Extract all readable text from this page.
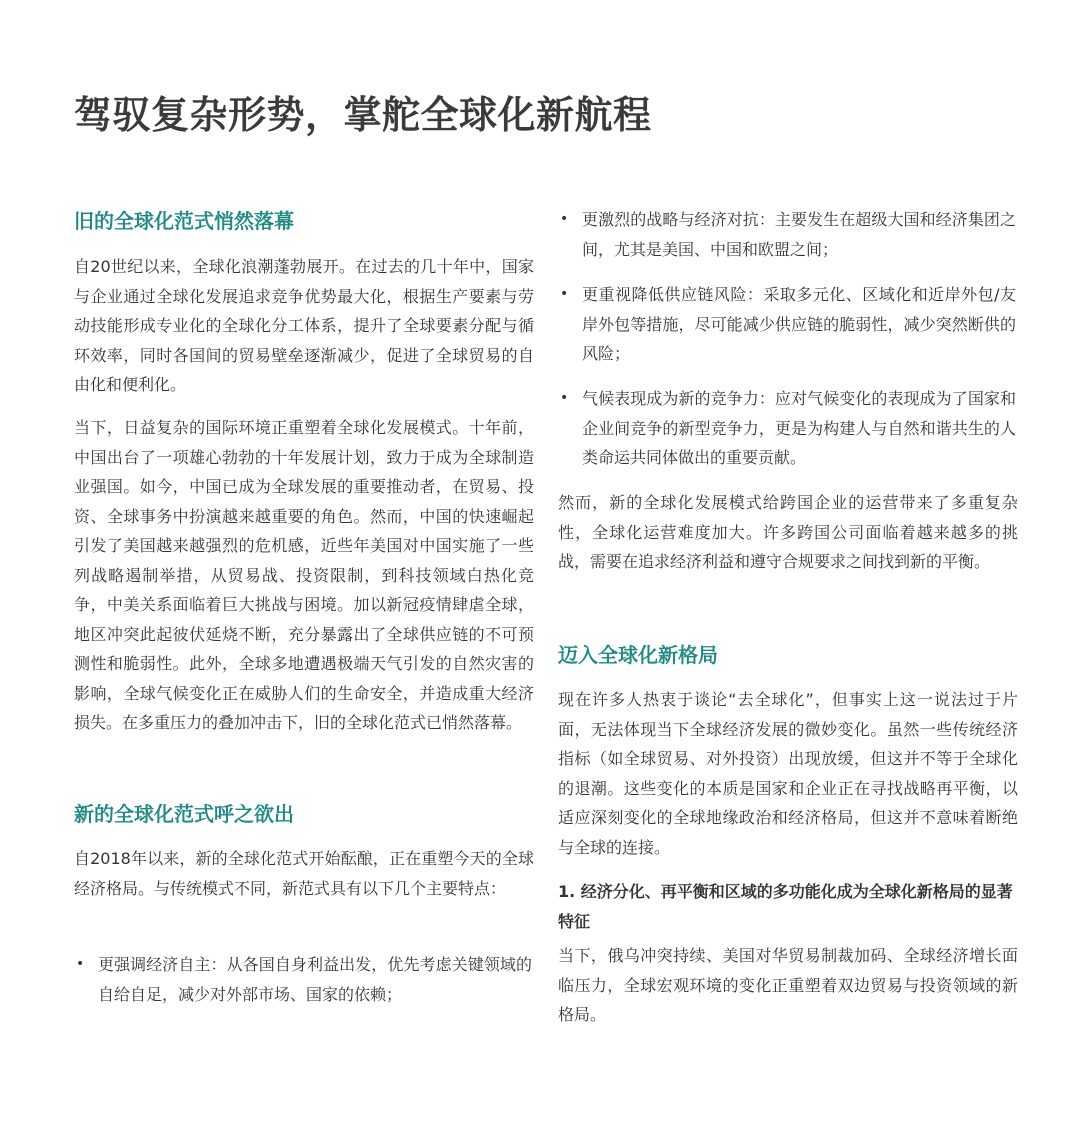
驾驭复杂形势，掌舵全球化新航程
旧的全球化范式悄然落幕

自20世纪以来，全球化浪潮蓬勃展开。在过去的几十年中，国家与企业通过全球化发展追求竞争优势最大化，根据生产要素与劳动技能形成专业化的全球化分工体系，提升了全球要素分配与循环效率，同时各国间的贸易壁垒逐渐减少，促进了全球贸易的自由化和便利化。

当下，日益复杂的国际环境正重塑着全球化发展模式。十年前，中国出台了一项雄心勃勃的十年发展计划，致力于成为全球制造业强国。如今，中国已成为全球发展的重要推动者，在贸易、投资、全球事务中扮演越来越重要的角色。然而，中国的快速崛起引发了美国越来越强烈的危机感，近些年美国对中国实施了一些列战略遏制举措，从贸易战、投资限制，到科技领域白热化竞争，中美关系面临着巨大挑战与困境。加以新冠疫情肆虐全球，地区冲突此起彼伏延烧不断，充分暴露出了全球供应链的不可预测性和脆弱性。此外，全球多地遭遇极端天气引发的自然灾害的影响，全球气候变化正在威胁人们的生命安全，并造成重大经济损失。在多重压力的叠加冲击下，旧的全球化范式已悄然落幕。

新的全球化范式呼之欲出

自2018年以来，新的全球化范式开始酝酿，正在重塑今天的全球经济格局。与传统模式不同，新范式具有以下几个主要特点：

• 更强调经济自主：从各国自身利益出发，优先考虑关键领域的自给自足，减少对外部市场、国家的依赖；

• 更激烈的战略与经济对抗：主要发生在超级大国和经济集团之间，尤其是美国、中国和欧盟之间；

• 更重视降低供应链风险：采取多元化、区域化和近岸外包/友岸外包等措施，尽可能减少供应链的脆弱性，减少突然断供的风险；

• 气候表现成为新的竞争力：应对气候变化的表现成为了国家和企业间竞争的新型竞争力，更是为构建人与自然和谐共生的人类命运共同体做出的重要贡献。

然而，新的全球化发展模式给跨国企业的运营带来了多重复杂性，全球化运营难度加大。许多跨国公司面临着越来越多的挑战，需要在追求经济利益和遵守合规要求之间找到新的平衡。

迈入全球化新格局

现在许多人热衷于谈论“去全球化”，但事实上这一说法过于片面，无法体现当下全球经济发展的微妙变化。虽然一些传统经济指标（如全球贸易、对外投资）出现放缓，但这并不等于全球化的退潮。这些变化的本质是国家和企业正在寻找战略再平衡，以适应深刻变化的全球地缘政治和经济格局，但这并不意味着断绝与全球的连接。

1. 经济分化、再平衡和区域的多功能化成为全球化新格局的显著特征

当下，俄乌冲突持续、美国对华贸易制裁加码、全球经济增长面临压力，全球宏观环境的变化正重塑着双边贸易与投资领域的新格局。
